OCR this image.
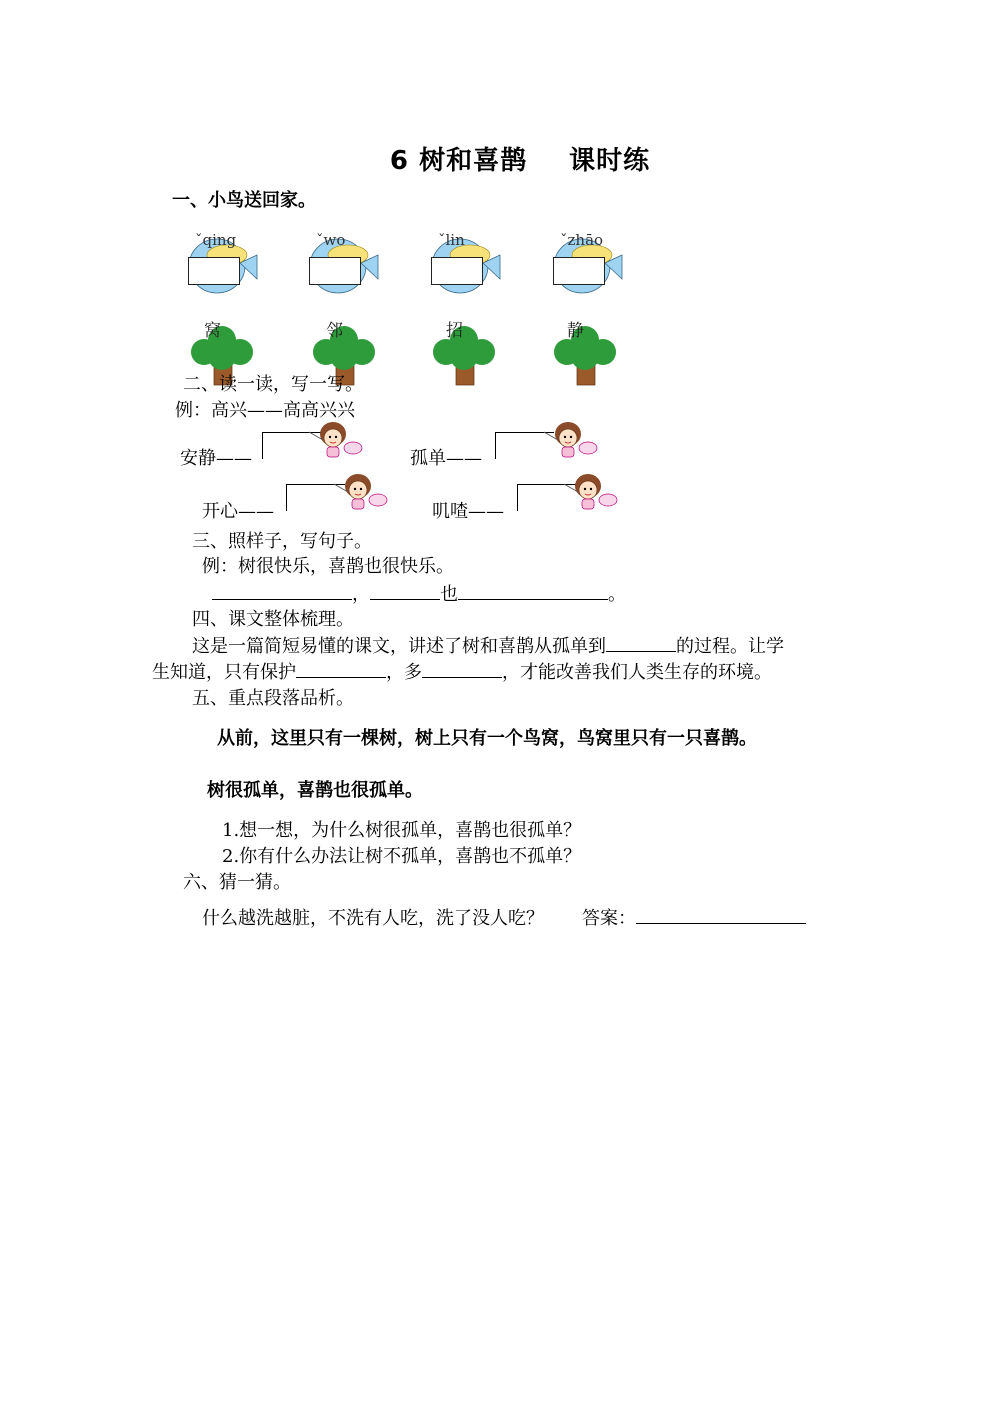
6 树和喜鹊 课时练
一、小鸟送回家。
ˇqing	ˇwo	ˇlin	ˇzhāo
窝	邻	招	静
二、读一读，写一写。
例：高兴——高高兴兴
安静——	孤单——
开心——	叽喳——
三、照样子，写句子。
例：树很快乐，喜鹊也很快乐。
，	也	。
四、课文整体梳理。
这是一篇简短易懂的课文，讲述了树和喜鹊从孤单到	的过程。让学
生知道，只有保护	，多	，才能改善我们人类生存的环境。
五、重点段落品析。
从前，这里只有一棵树，树上只有一个鸟窝，鸟窝里只有一只喜鹊。
树很孤单，喜鹊也很孤单。
1.想一想，为什么树很孤单，喜鹊也很孤单？
2.你有什么办法让树不孤单，喜鹊也不孤单？
六、猜一猜。
什么越洗越脏，不洗有人吃，洗了没人吃？ 答案：
